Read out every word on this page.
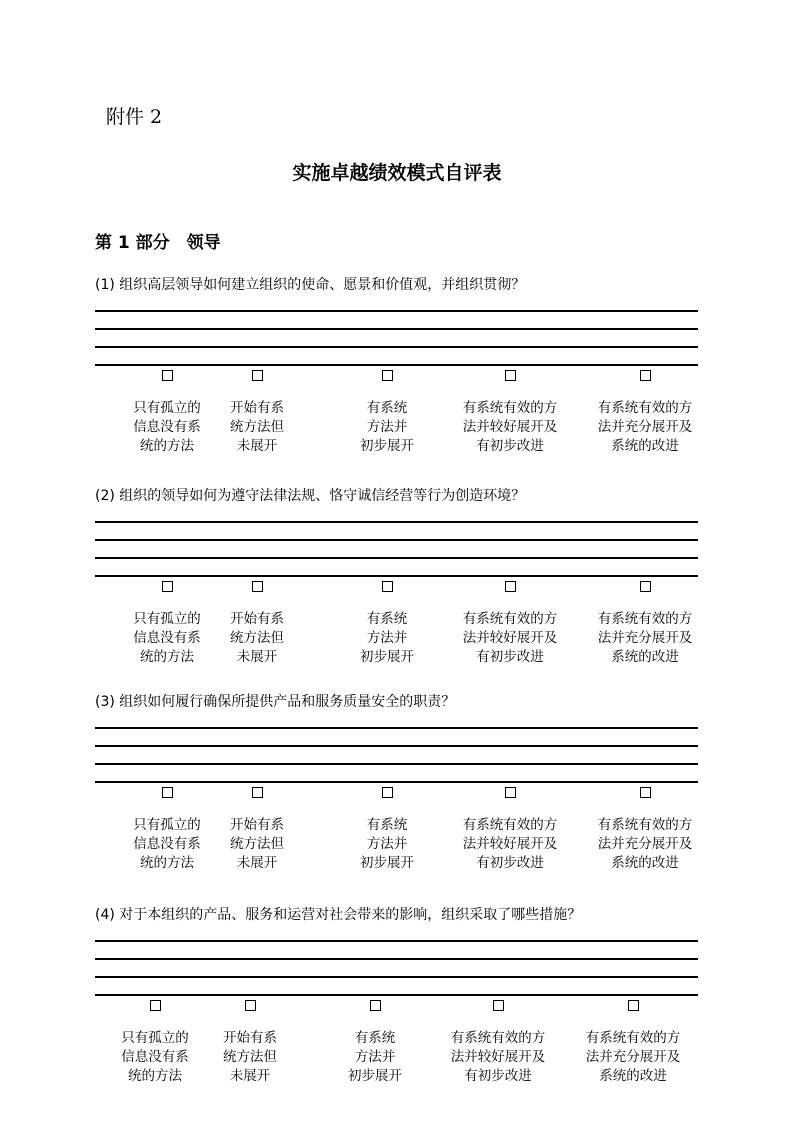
附件 2
实施卓越绩效模式自评表
第 1 部分　领导
(1) 组织高层领导如何建立组织的使命、愿景和价值观，并组织贯彻？
只有孤立的
信息没有系
统的方法
开始有系
统方法但
未展开
有系统
方法并
初步展开
有系统有效的方
法并较好展开及
有初步改进
有系统有效的方
法并充分展开及
系统的改进
(2) 组织的领导如何为遵守法律法规、恪守诚信经营等行为创造环境？
只有孤立的
信息没有系
统的方法
开始有系
统方法但
未展开
有系统
方法并
初步展开
有系统有效的方
法并较好展开及
有初步改进
有系统有效的方
法并充分展开及
系统的改进
(3) 组织如何履行确保所提供产品和服务质量安全的职责？
只有孤立的
信息没有系
统的方法
开始有系
统方法但
未展开
有系统
方法并
初步展开
有系统有效的方
法并较好展开及
有初步改进
有系统有效的方
法并充分展开及
系统的改进
(4) 对于本组织的产品、服务和运营对社会带来的影响，组织采取了哪些措施？
只有孤立的
信息没有系
统的方法
开始有系
统方法但
未展开
有系统
方法并
初步展开
有系统有效的方
法并较好展开及
有初步改进
有系统有效的方
法并充分展开及
系统的改进
